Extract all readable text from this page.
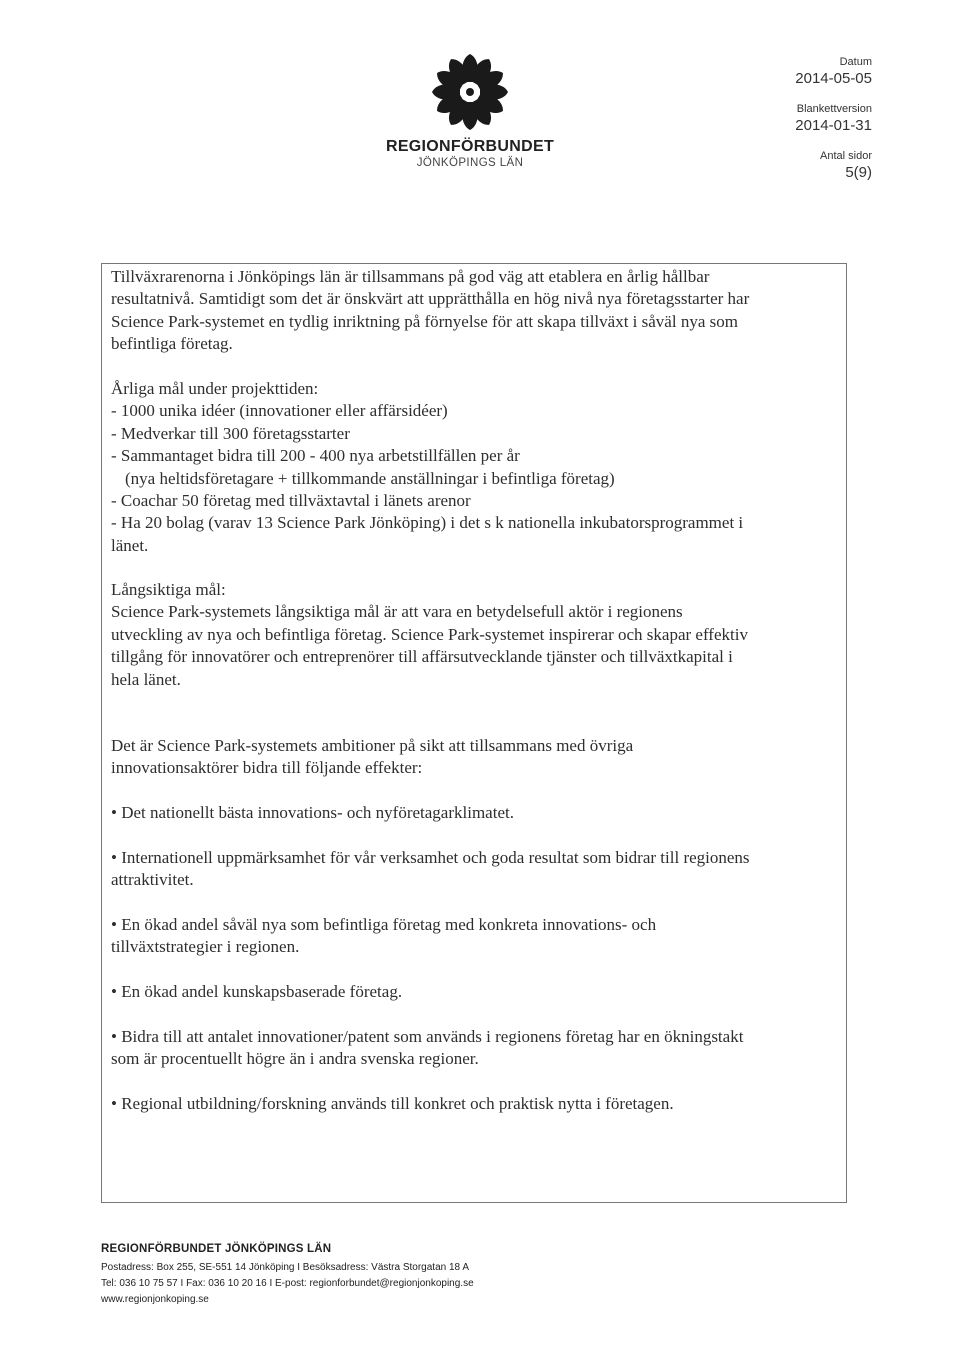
REGIONFÖRBUNDET
JÖNKÖPINGS LÄN
Datum
2014-05-05
Blankettversion
2014-01-31
Antal sidor
5(9)
Tillväxrarenorna i Jönköpings län är tillsammans på god väg att etablera en årlig hållbar
resultatnivå. Samtidigt som det är önskvärt att upprätthålla en hög nivå nya företagsstarter har
Science Park-systemet en tydlig inriktning på förnyelse för att skapa tillväxt i såväl nya som
befintliga företag.
Årliga mål under projekttiden:
- 1000 unika idéer (innovationer eller affärsidéer)
- Medverkar till 300 företagsstarter
- Sammantaget bidra till 200 - 400 nya arbetstillfällen per år
(nya heltidsföretagare + tillkommande anställningar i befintliga företag)
- Coachar 50 företag med tillväxtavtal i länets arenor
- Ha 20 bolag (varav 13 Science Park Jönköping) i det s k nationella inkubatorsprogrammet i
länet.
Långsiktiga mål:
Science Park-systemets långsiktiga mål är att vara en betydelsefull aktör i regionens
utveckling av nya och befintliga företag. Science Park-systemet inspirerar och skapar effektiv
tillgång för innovatörer och entreprenörer till affärsutvecklande tjänster och tillväxtkapital i
hela länet.
Det är Science Park-systemets ambitioner på sikt att tillsammans med övriga
innovationsaktörer bidra till följande effekter:
• Det nationellt bästa innovations- och nyföretagarklimatet.
• Internationell uppmärksamhet för vår verksamhet och goda resultat som bidrar till regionens
attraktivitet.
• En ökad andel såväl nya som befintliga företag med konkreta innovations- och
tillväxtstrategier i regionen.
• En ökad andel kunskapsbaserade företag.
• Bidra till att antalet innovationer/patent som används i regionens företag har en ökningstakt
som är procentuellt högre än i andra svenska regioner.
• Regional utbildning/forskning används till konkret och praktisk nytta i företagen.
REGIONFÖRBUNDET JÖNKÖPINGS LÄN
Postadress: Box 255, SE-551 14 Jönköping I Besöksadress: Västra Storgatan 18 A
Tel: 036 10 75 57 I Fax: 036 10 20 16 I E-post: regionforbundet@regionjonkoping.se
www.regionjonkoping.se
